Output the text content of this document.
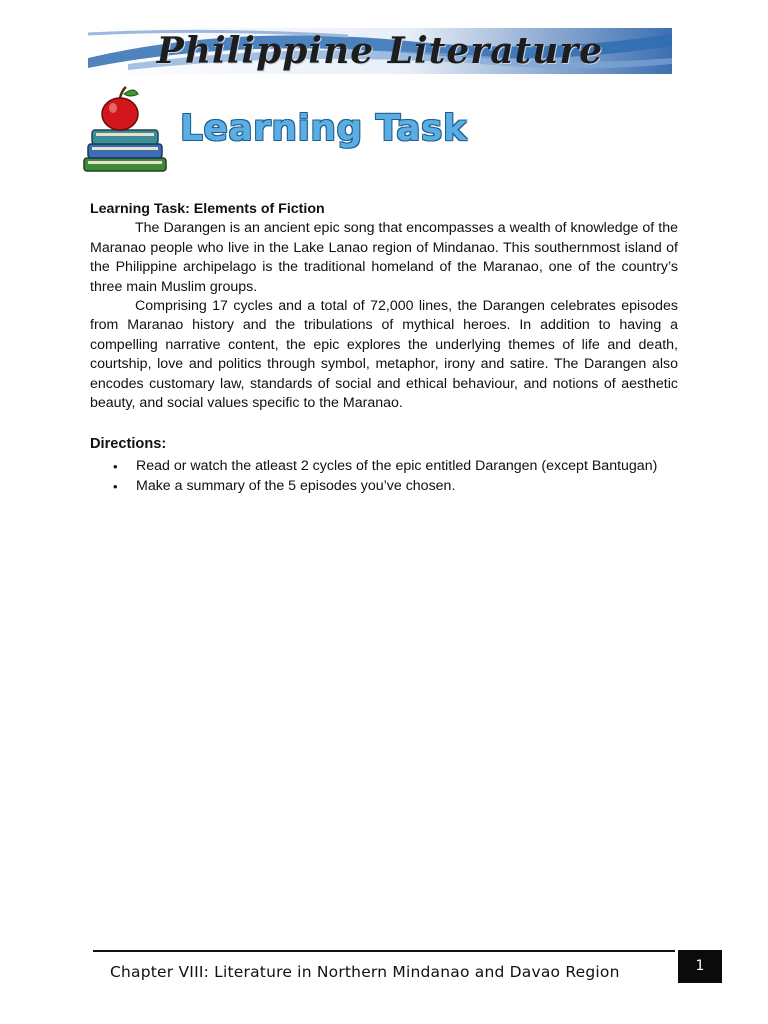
Philippine Literature
Learning Task

Learning Task: Elements of Fiction

The Darangen is an ancient epic song that encompasses a wealth of knowledge of the Maranao people who live in the Lake Lanao region of Mindanao. This southernmost island of the Philippine archipelago is the traditional homeland of the Maranao, one of the country’s three main Muslim groups.

Comprising 17 cycles and a total of 72,000 lines, the Darangen celebrates episodes from Maranao history and the tribulations of mythical heroes. In addition to having a compelling narrative content, the epic explores the underlying themes of life and death, courtship, love and politics through symbol, metaphor, irony and satire. The Darangen also encodes customary law, standards of social and ethical behaviour, and notions of aesthetic beauty, and social values specific to the Maranao.

Directions:

• Read or watch the atleast 2 cycles of the epic entitled Darangen (except Bantugan)
• Make a summary of the 5 episodes you’ve chosen.
Chapter VIII: Literature in Northern Mindanao and Davao Region	1
